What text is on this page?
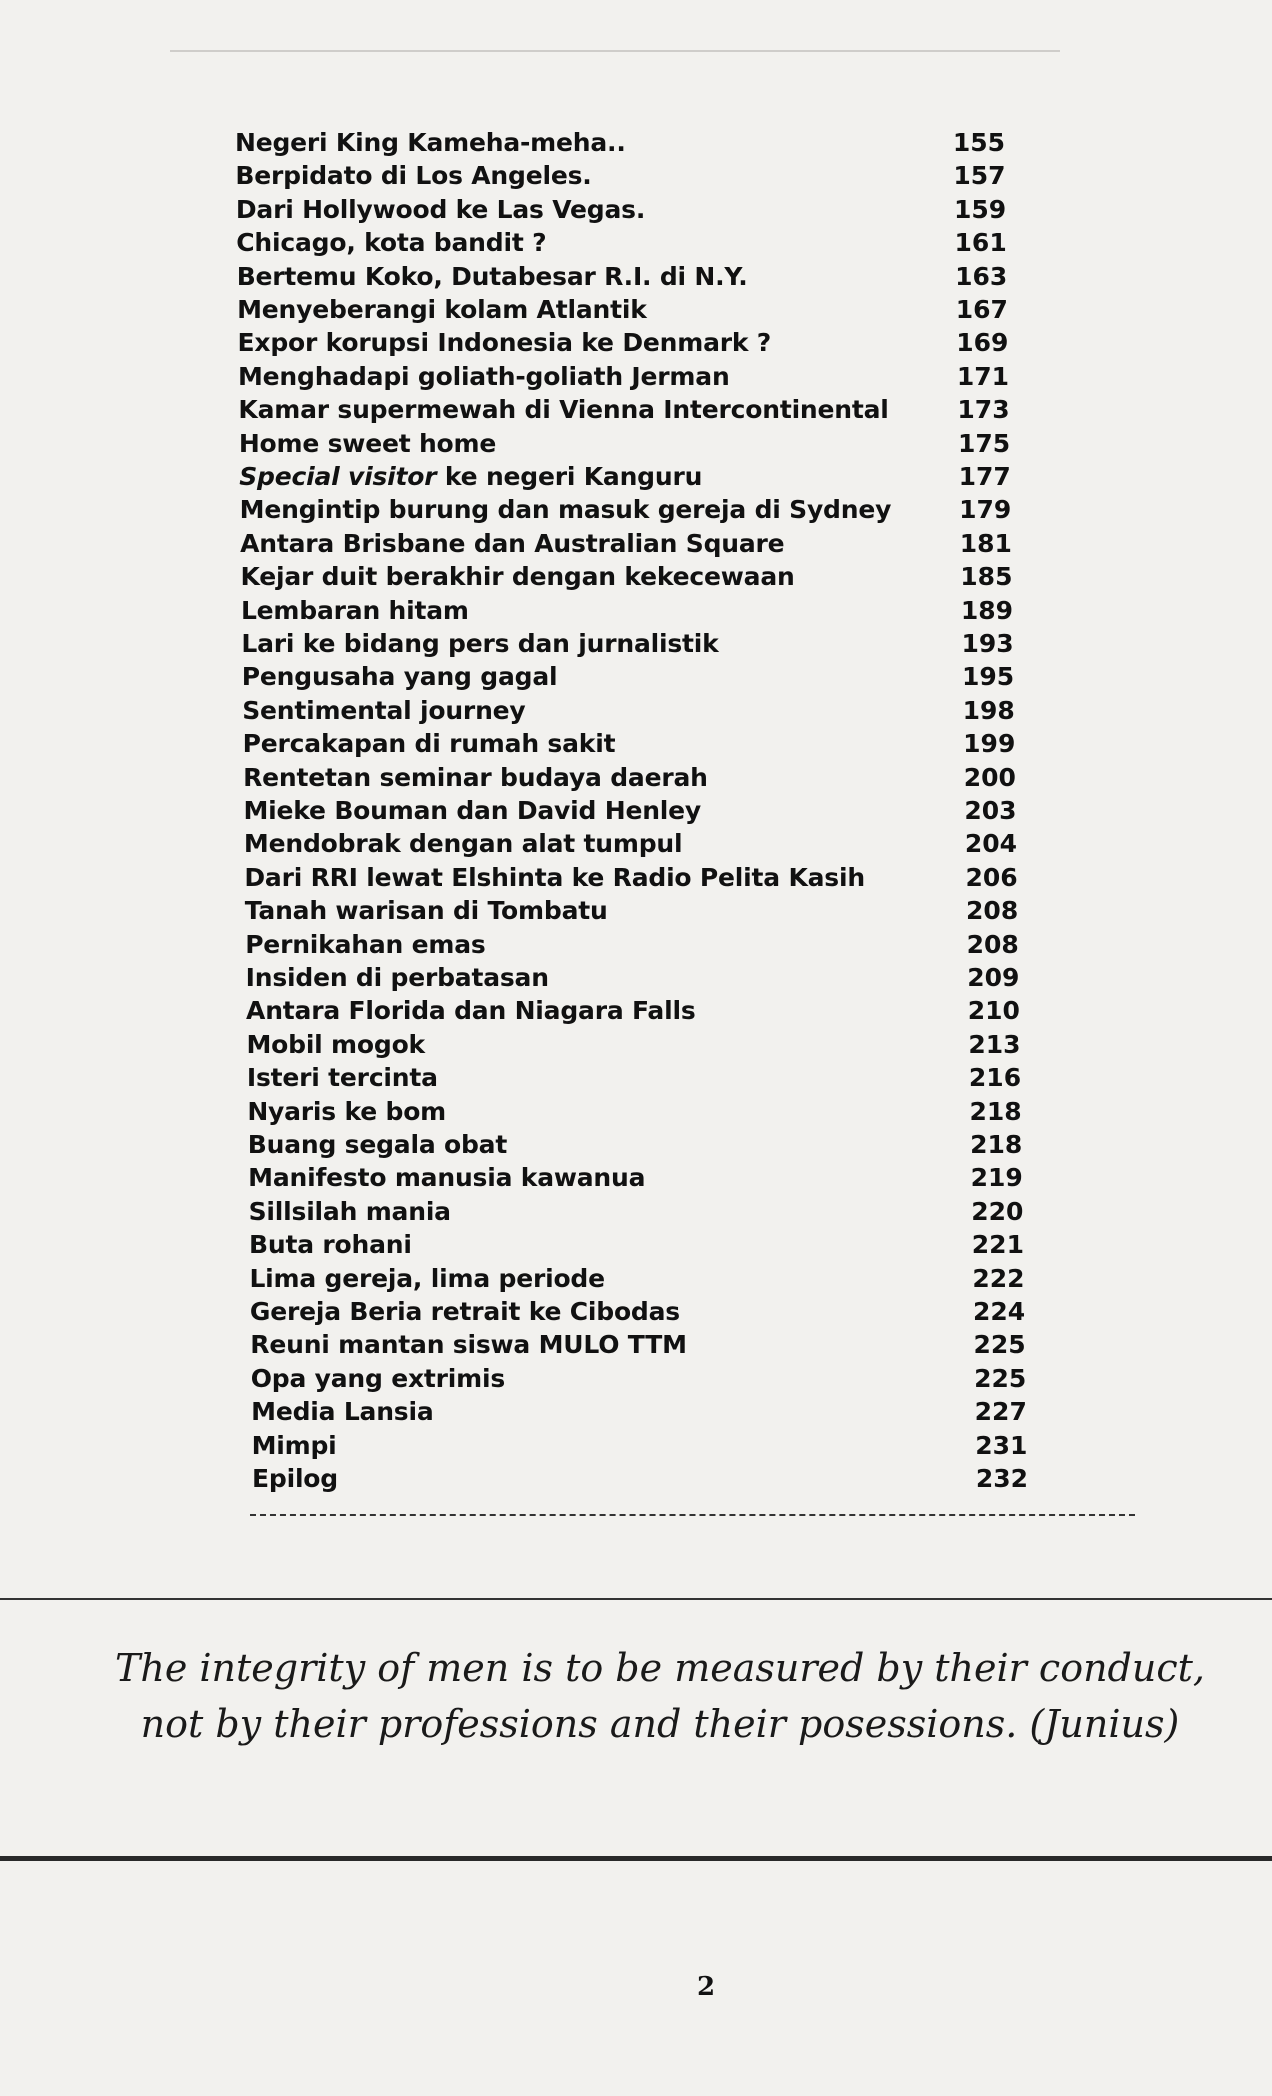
Negeri King Kameha-meha..	155
Berpidato di Los Angeles.	157
Dari Hollywood ke Las Vegas.	159
Chicago, kota bandit ?	161
Bertemu Koko, Dutabesar R.I. di N.Y.	163
Menyeberangi kolam Atlantik	167
Expor korupsi Indonesia ke Denmark ?	169
Menghadapi goliath-goliath Jerman	171
Kamar supermewah di Vienna Intercontinental	173
Home sweet home	175
Special visitor ke negeri Kanguru	177
Mengintip burung dan masuk gereja di Sydney	179
Antara Brisbane dan Australian Square	181
Kejar duit berakhir dengan kekecewaan	185
Lembaran hitam	189
Lari ke bidang pers dan jurnalistik	193
Pengusaha yang gagal	195
Sentimental journey	198
Percakapan di rumah sakit	199
Rentetan seminar budaya daerah	200
Mieke Bouman dan David Henley	203
Mendobrak dengan alat tumpul	204
Dari RRI lewat Elshinta ke Radio Pelita Kasih	206
Tanah warisan di Tombatu	208
Pernikahan emas	208
Insiden di perbatasan	209
Antara Florida dan Niagara Falls	210
Mobil mogok	213
Isteri tercinta	216
Nyaris ke bom	218
Buang segala obat	218
Manifesto manusia kawanua	219
Sillsilah mania	220
Buta rohani	221
Lima gereja, lima periode	222
Gereja Beria retrait ke Cibodas	224
Reuni mantan siswa MULO TTM	225
Opa yang extrimis	225
Media Lansia	227
Mimpi	231
Epilog	232
The integrity of men is to be measured by their conduct,
not by their professions and their posessions. (Junius)
2
